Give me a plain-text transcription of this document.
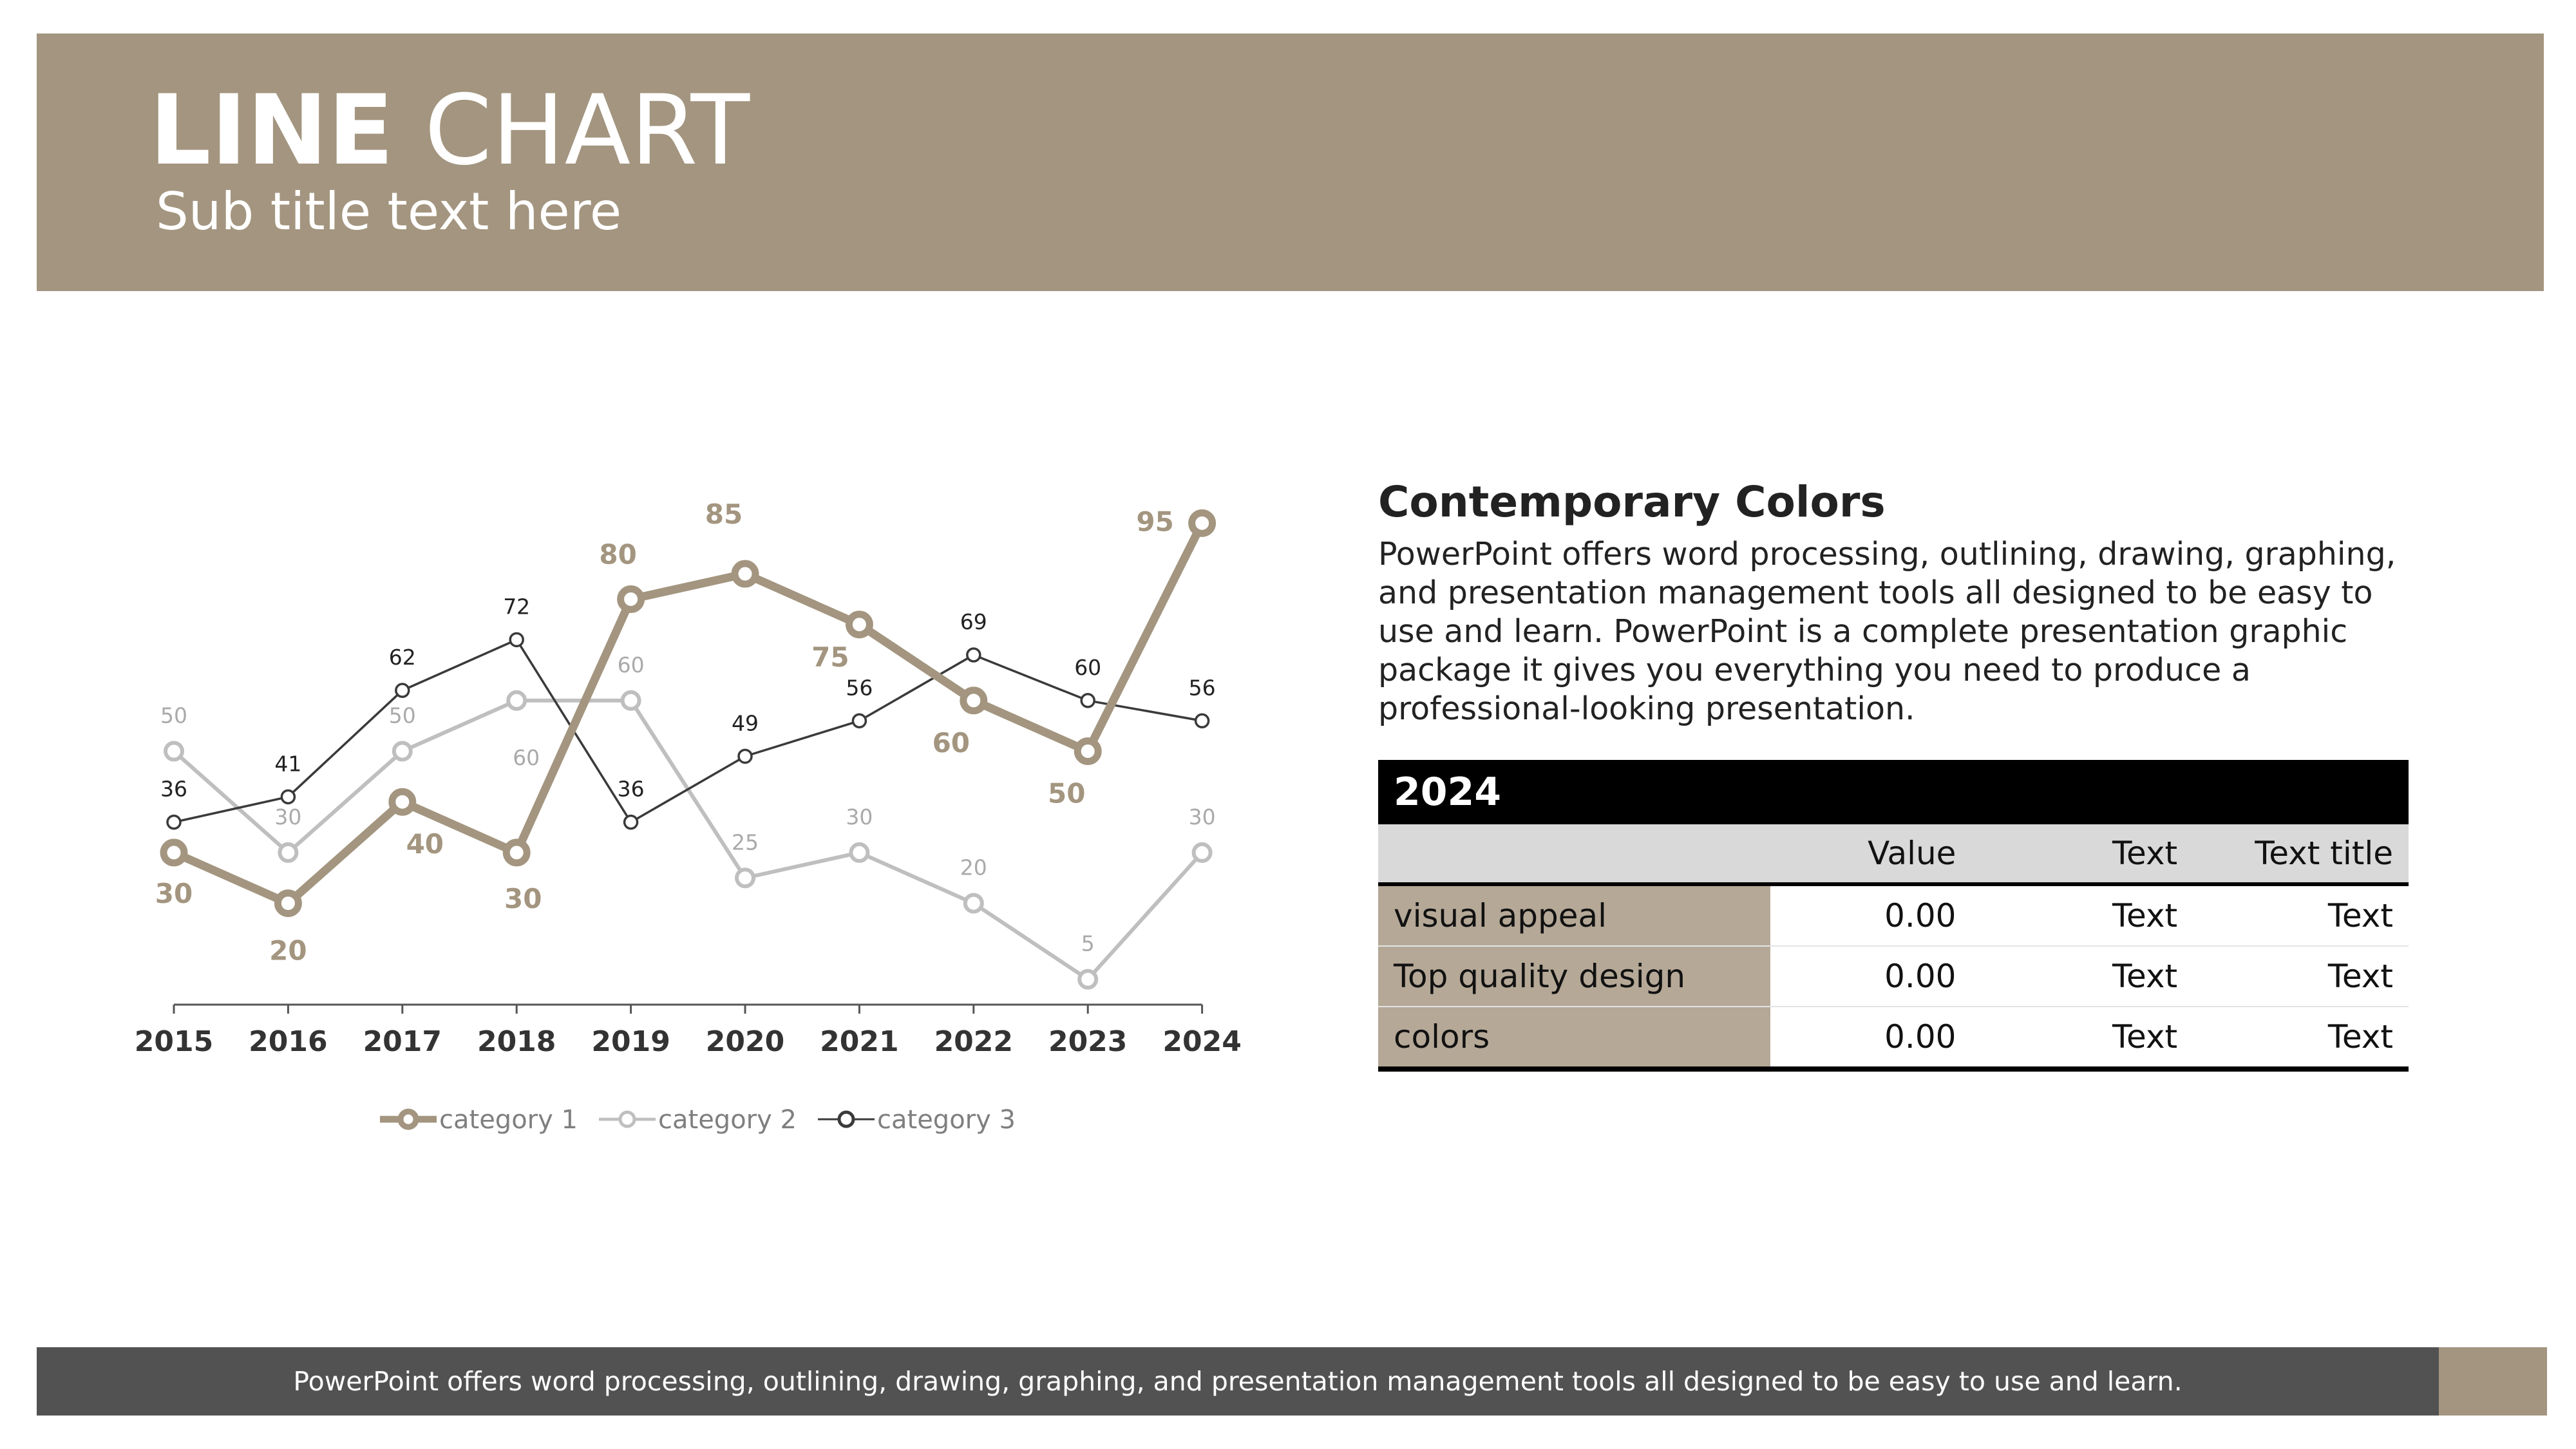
LINE CHART
Sub title text here
2015 2016 2017 2018 2019 2020 2021 2022 2023 2024
50
30
50
60
60
25
30
20
5
30
36
41
62
72
36
49
56
69
60
56
30
20
40
30
80
85
75
60
50
95
category 1	category 2	category 3
Contemporary Colors
PowerPoint offers word processing, outlining, drawing, graphing, and presentation management tools all designed to be easy to use and learn. PowerPoint is a complete presentation graphic package it gives you everything you need to produce a professional-looking presentation.
2024			
	Value	Text	Text title
visual appeal	0.00	Text	Text
Top quality design	0.00	Text	Text
colors	0.00	Text	Text
PowerPoint offers word processing, outlining, drawing, graphing, and presentation management tools all designed to be easy to use and learn.
